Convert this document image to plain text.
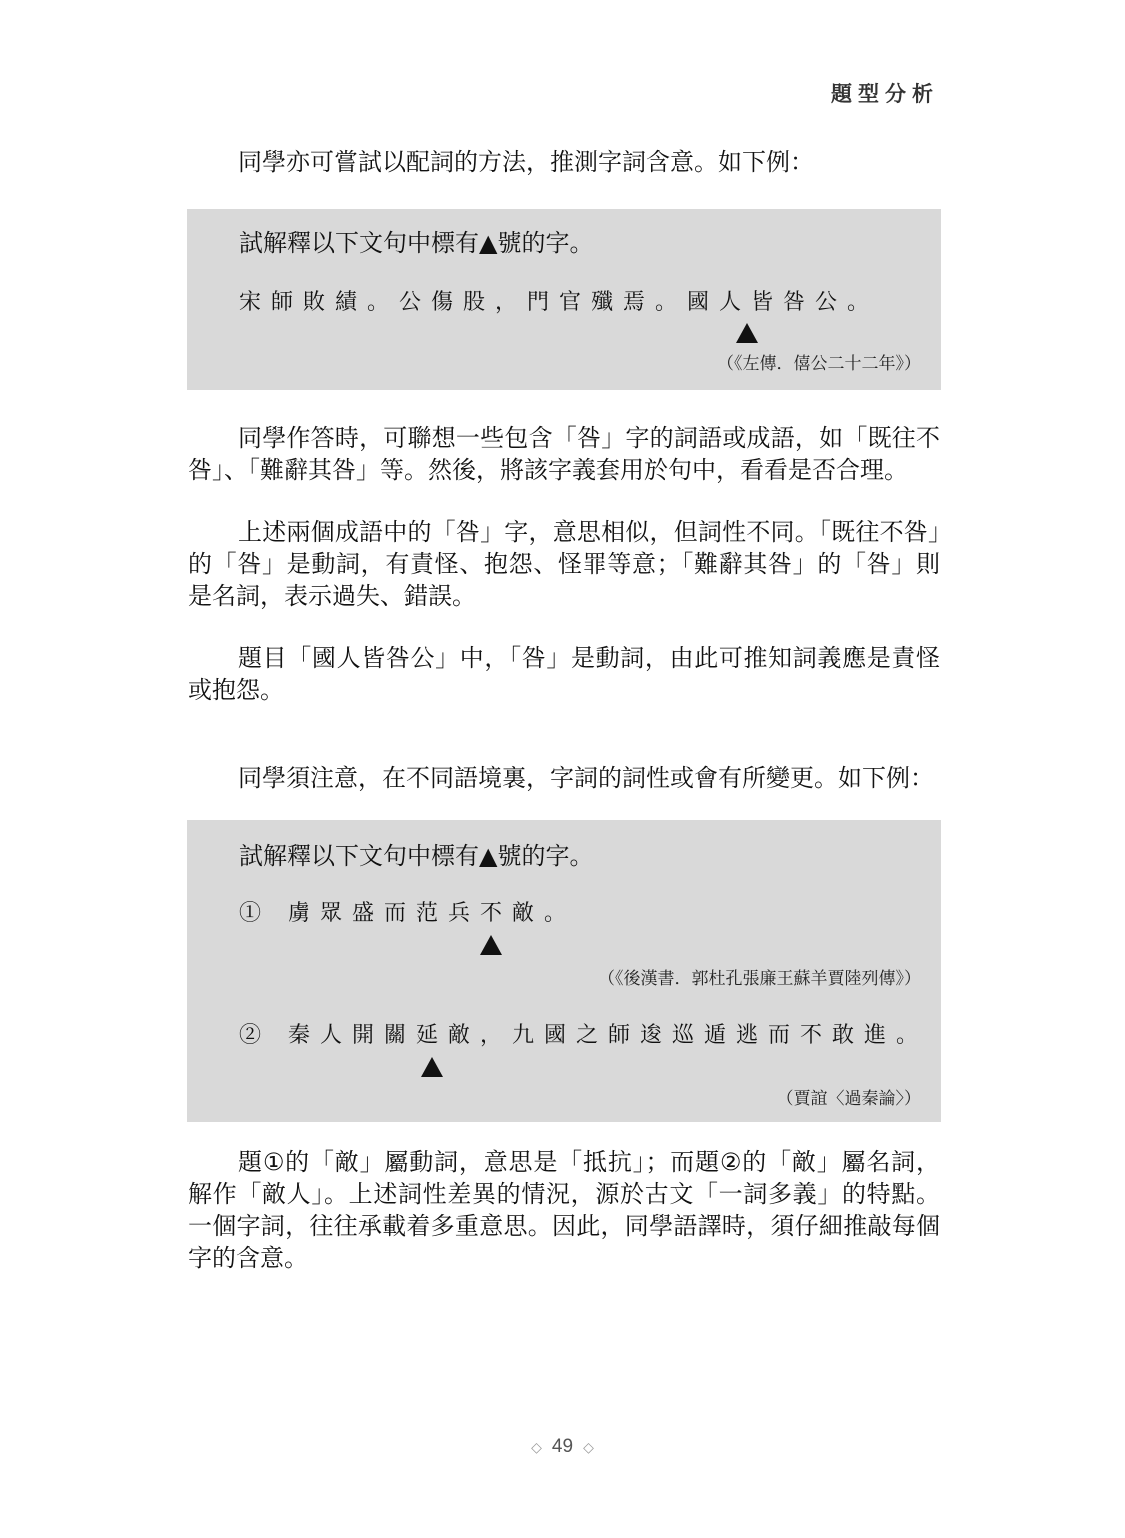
題型分析

同學亦可嘗試以配詞的方法，推測字詞含意。如下例：

試解釋以下文句中標有▲號的字。
宋師敗績。公傷股，門官殲焉。國人皆咎公。
（《左傳．僖公二十二年》）

同學作答時，可聯想一些包含「咎」字的詞語或成語，如「既往不咎」、「難辭其咎」等。然後，將該字義套用於句中，看看是否合理。

上述兩個成語中的「咎」字，意思相似，但詞性不同。「既往不咎」的「咎」是動詞，有責怪、抱怨、怪罪等意；「難辭其咎」的「咎」則是名詞，表示過失、錯誤。

題目「國人皆咎公」中，「咎」是動詞，由此可推知詞義應是責怪或抱怨。

同學須注意，在不同語境裏，字詞的詞性或會有所變更。如下例：

試解釋以下文句中標有▲號的字。
① 虜眾盛而范兵不敵。
（《後漢書．郭杜孔張廉王蘇羊賈陸列傳》）
② 秦人開關延敵，九國之師逡巡遁逃而不敢進。
（賈誼〈過秦論〉）

題①的「敵」屬動詞，意思是「抵抗」；而題②的「敵」屬名詞，解作「敵人」。上述詞性差異的情況，源於古文「一詞多義」的特點。一個字詞，往往承載着多重意思。因此，同學語譯時，須仔細推敲每個字的含意。

◇ 49 ◇
